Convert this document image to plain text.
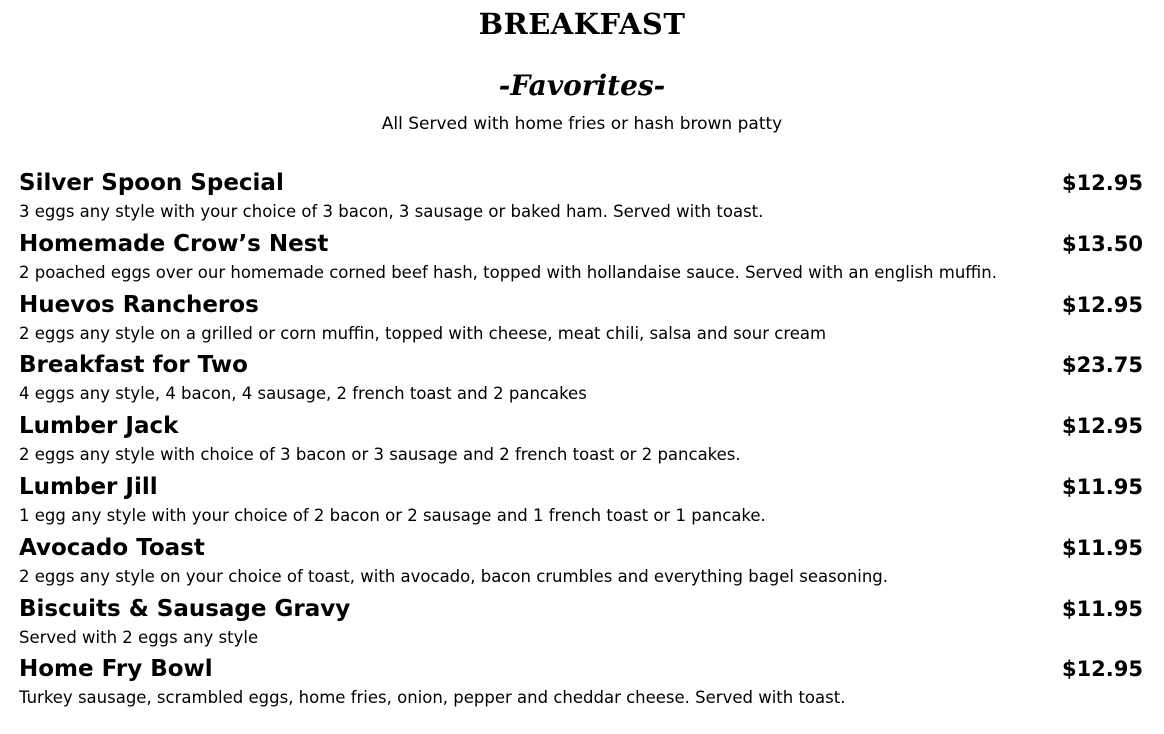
BREAKFAST
-Favorites-
All Served with home fries or hash brown patty
Silver Spoon Special	$12.95
3 eggs any style with your choice of 3 bacon, 3 sausage or baked ham. Served with toast.
Homemade Crow’s Nest	$13.50
2 poached eggs over our homemade corned beef hash, topped with hollandaise sauce. Served with an english muffin.
Huevos Rancheros	$12.95
2 eggs any style on a grilled or corn muffin, topped with cheese, meat chili, salsa and sour cream
Breakfast for Two	$23.75
4 eggs any style, 4 bacon, 4 sausage, 2 french toast and 2 pancakes
Lumber Jack	$12.95
2 eggs any style with choice of 3 bacon or 3 sausage and 2 french toast or 2 pancakes.
Lumber Jill	$11.95
1 egg any style with your choice of 2 bacon or 2 sausage and 1 french toast or 1 pancake.
Avocado Toast	$11.95
2 eggs any style on your choice of toast, with avocado, bacon crumbles and everything bagel seasoning.
Biscuits & Sausage Gravy	$11.95
Served with 2 eggs any style
Home Fry Bowl	$12.95
Turkey sausage, scrambled eggs, home fries, onion, pepper and cheddar cheese. Served with toast.
